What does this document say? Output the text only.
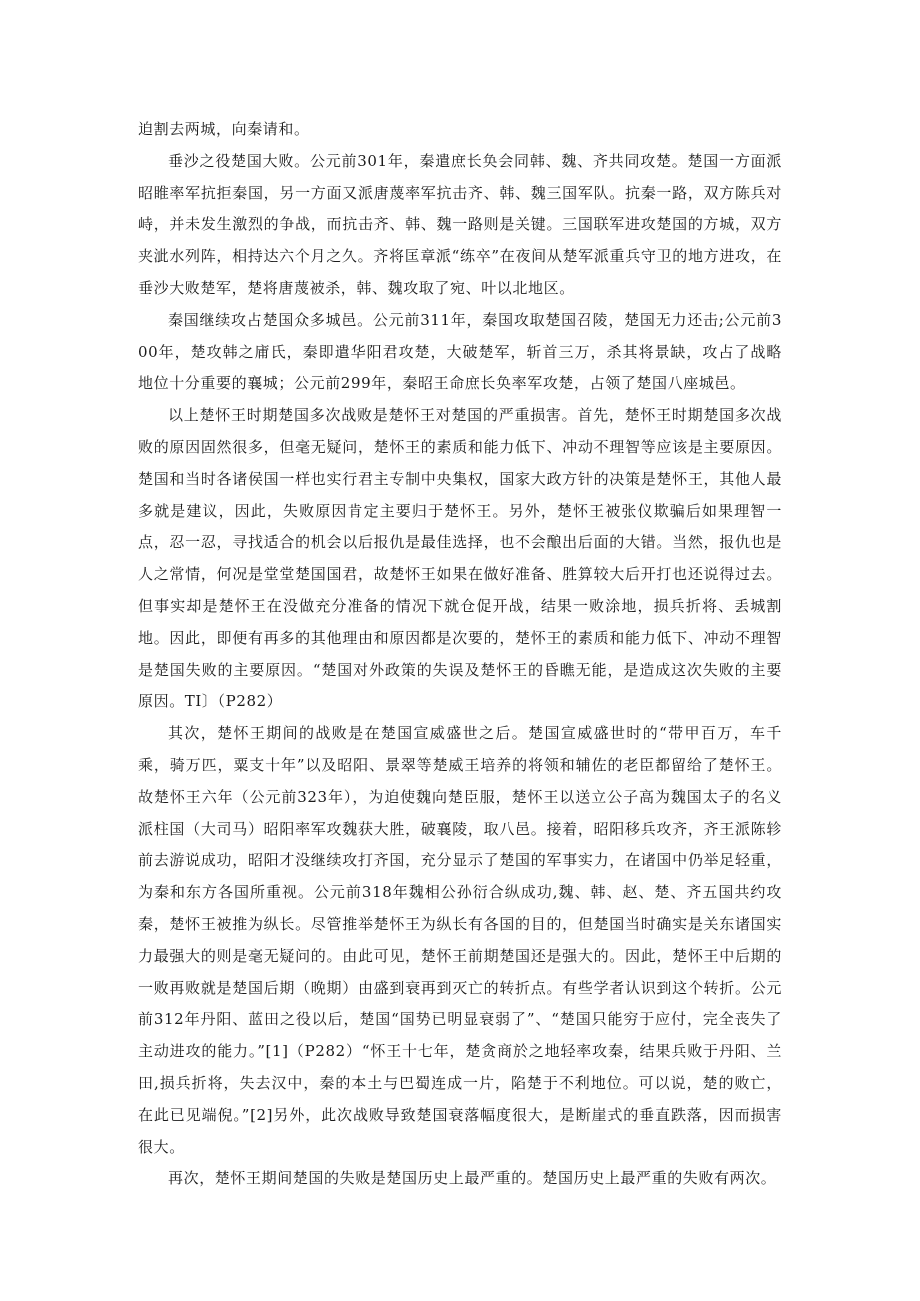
迫割去两城，向秦请和。

垂沙之役楚国大败。公元前301年，秦遣庶长奂会同韩、魏、齐共同攻楚。楚国一方面派昭睢率军抗拒秦国，另一方面又派唐蔑率军抗击齐、韩、魏三国军队。抗秦一路，双方陈兵对峙，并未发生激烈的争战，而抗击齐、韩、魏一路则是关键。三国联军进攻楚国的方城，双方夹泚水列阵，相持达六个月之久。齐将匡章派“练卒”在夜间从楚军派重兵守卫的地方进攻，在垂沙大败楚军，楚将唐蔑被杀，韩、魏攻取了宛、叶以北地区。

秦国继续攻占楚国众多城邑。公元前311年，秦国攻取楚国召陵，楚国无力还击;公元前300年，楚攻韩之庯氏，秦即遣华阳君攻楚，大破楚军，斩首三万，杀其将景缺，攻占了战略地位十分重要的襄城；公元前299年，秦昭王命庶长奂率军攻楚，占领了楚国八座城邑。

以上楚怀王时期楚国多次战败是楚怀王对楚国的严重损害。首先，楚怀王时期楚国多次战败的原因固然很多，但毫无疑问，楚怀王的素质和能力低下、冲动不理智等应该是主要原因。楚国和当时各诸侯国一样也实行君主专制中央集权，国家大政方针的决策是楚怀王，其他人最多就是建议，因此，失败原因肯定主要归于楚怀王。另外，楚怀王被张仪欺骗后如果理智一点，忍一忍，寻找适合的机会以后报仇是最佳选择，也不会酿出后面的大错。当然，报仇也是人之常情，何况是堂堂楚国国君，故楚怀王如果在做好准备、胜算较大后开打也还说得过去。但事实却是楚怀王在没做充分准备的情况下就仓促开战，结果一败涂地，损兵折将、丢城割地。因此，即便有再多的其他理由和原因都是次要的，楚怀王的素质和能力低下、冲动不理智是楚国失败的主要原因。“楚国对外政策的失误及楚怀王的昏瞧无能，是造成这次失败的主要原因。TI〕（P282）

其次，楚怀王期间的战败是在楚国宣威盛世之后。楚国宣威盛世时的“带甲百万，车千乘，骑万匹，粟支十年”以及昭阳、景翠等楚威王培养的将领和辅佐的老臣都留给了楚怀王。故楚怀王六年（公元前323年），为迫使魏向楚臣服，楚怀王以送立公子高为魏国太子的名义派柱国（大司马）昭阳率军攻魏获大胜，破襄陵，取八邑。接着，昭阳移兵攻齐，齐王派陈轸前去游说成功，昭阳才没继续攻打齐国，充分显示了楚国的军事实力，在诸国中仍举足轻重，为秦和东方各国所重视。公元前318年魏相公孙衍合纵成功,魏、韩、赵、楚、齐五国共约攻秦，楚怀王被推为纵长。尽管推举楚怀王为纵长有各国的目的，但楚国当时确实是关东诸国实力最强大的则是毫无疑问的。由此可见，楚怀王前期楚国还是强大的。因此，楚怀王中后期的一败再败就是楚国后期（晚期）由盛到衰再到灭亡的转折点。有些学者认识到这个转折。公元前312年丹阳、蓝田之役以后，楚国“国势已明显衰弱了”、“楚国只能穷于应付，完全丧失了主动进攻的能力。”[1]（P282）“怀王十七年，楚贪商於之地轻率攻秦，结果兵败于丹阳、兰田,损兵折将，失去汉中，秦的本土与巴蜀连成一片，陷楚于不利地位。可以说，楚的败亡，在此已见端倪。”[2]另外，此次战败导致楚国衰落幅度很大，是断崖式的垂直跌落，因而损害很大。

再次，楚怀王期间楚国的失败是楚国历史上最严重的。楚国历史上最严重的失败有两次。
